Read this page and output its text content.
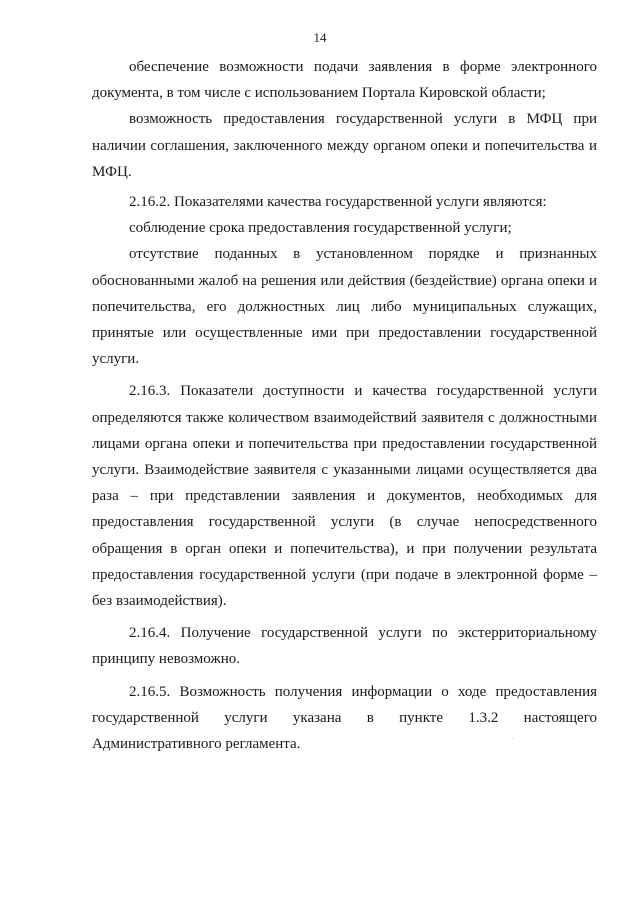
14

обеспечение возможности подачи заявления в форме электронного документа, в том числе с использованием Портала Кировской области;

возможность предоставления государственной услуги в МФЦ при наличии соглашения, заключенного между органом опеки и попечительства и МФЦ.

2.16.2. Показателями качества государственной услуги являются:

соблюдение срока предоставления государственной услуги;

отсутствие поданных в установленном порядке и признанных обоснованными жалоб на решения или действия (бездействие) органа опеки и попечительства, его должностных лиц либо муниципальных служащих, принятые или осуществленные ими при предоставлении государственной услуги.

2.16.3. Показатели доступности и качества государственной услуги определяются также количеством взаимодействий заявителя с должностными лицами органа опеки и попечительства при предоставлении государственной услуги. Взаимодействие заявителя с указанными лицами осуществляется два раза – при представлении заявления и документов, необходимых для предоставления государственной услуги (в случае непосредственного обращения в орган опеки и попечительства), и при получении результата предоставления государственной услуги (при подаче в электронной форме – без взаимодействия).

2.16.4. Получение государственной услуги по экстерриториальному принципу невозможно.

2.16.5. Возможность получения информации о ходе предоставления государственной услуги указана в пункте 1.3.2 настоящего Административного регламента.
